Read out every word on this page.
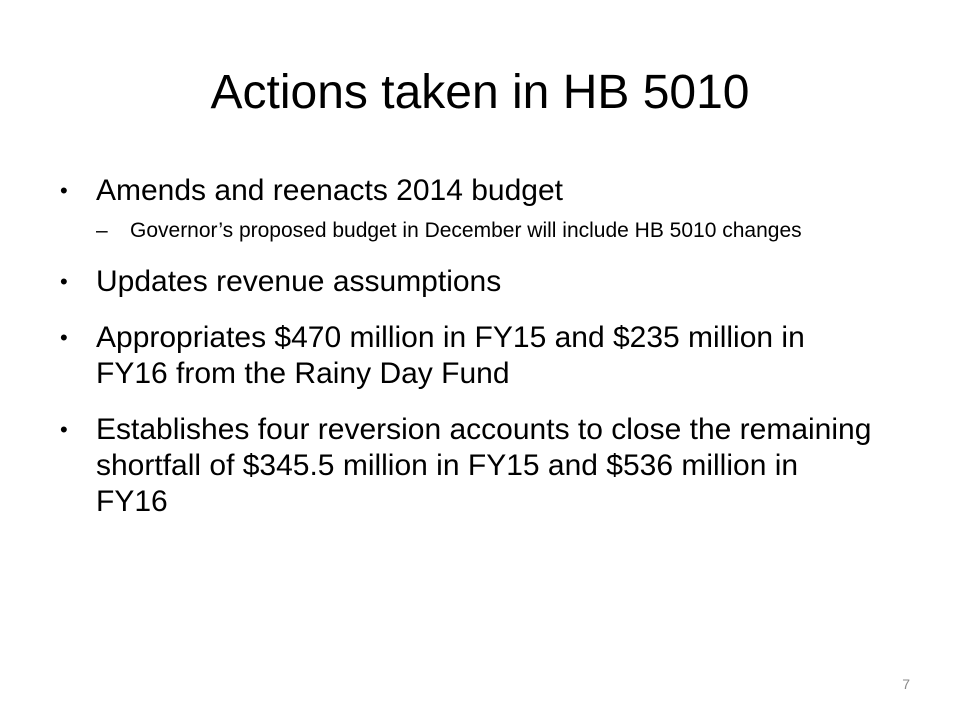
Actions taken in HB 5010
• Amends and reenacts 2014 budget
– Governor’s proposed budget in December will include HB 5010 changes
• Updates revenue assumptions
• Appropriates $470 million in FY15 and $235 million in FY16 from the Rainy Day Fund
• Establishes four reversion accounts to close the remaining shortfall of $345.5 million in FY15 and $536 million in FY16
7
